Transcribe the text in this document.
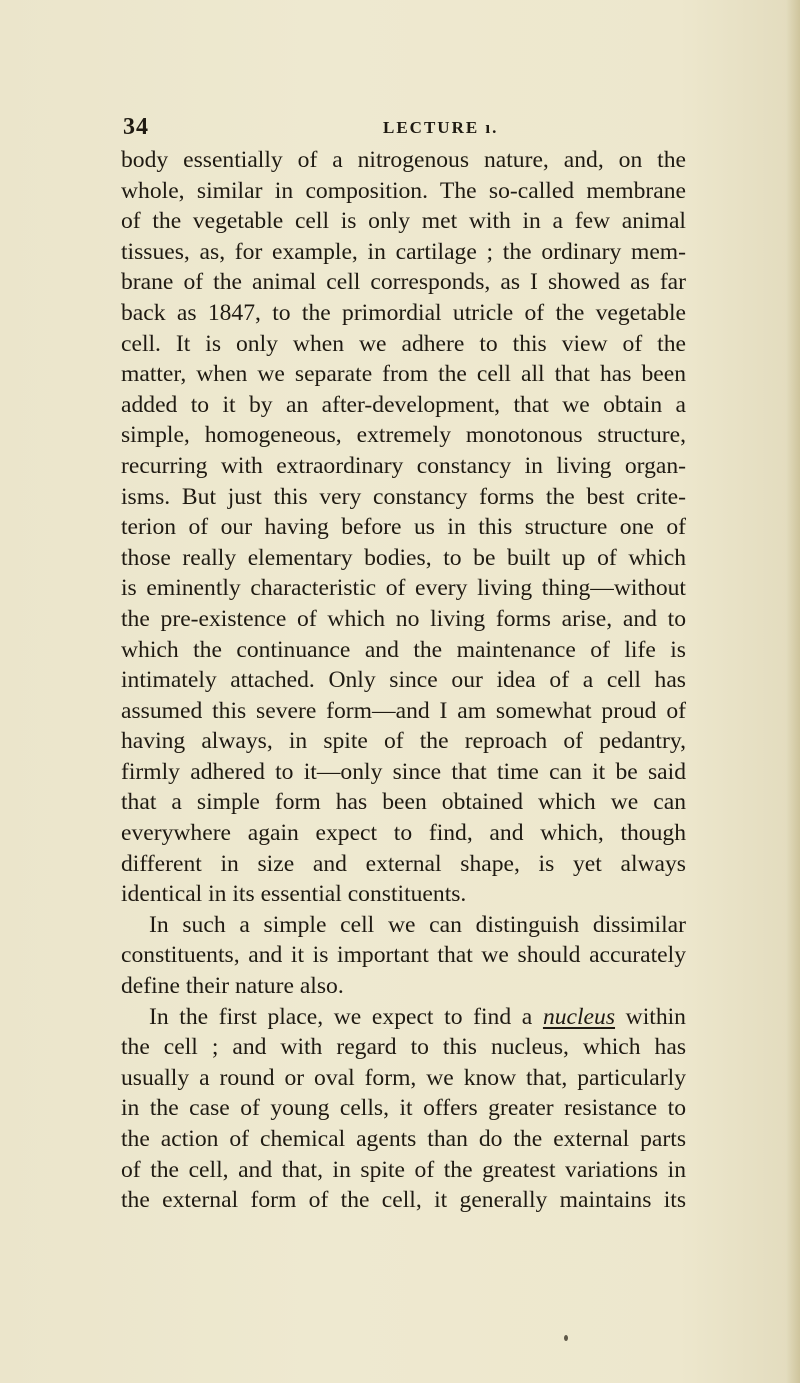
34	LECTURE ı.
body essentially of a nitrogenous nature, and, on the
whole, similar in composition. The so-called membrane
of the vegetable cell is only met with in a few animal
tissues, as, for example, in cartilage ; the ordinary mem-
brane of the animal cell corresponds, as I showed as far
back as 1847, to the primordial utricle of the vegetable
cell. It is only when we adhere to this view of the
matter, when we separate from the cell all that has been
added to it by an after-development, that we obtain a
simple, homogeneous, extremely monotonous structure,
recurring with extraordinary constancy in living organ-
isms. But just this very constancy forms the best crite-
terion of our having before us in this structure one of
those really elementary bodies, to be built up of which
is eminently characteristic of every living thing—without
the pre-existence of which no living forms arise, and to
which the continuance and the maintenance of life is
intimately attached. Only since our idea of a cell has
assumed this severe form—and I am somewhat proud of
having always, in spite of the reproach of pedantry,
firmly adhered to it—only since that time can it be said
that a simple form has been obtained which we can
everywhere again expect to find, and which, though
different in size and external shape, is yet always
identical in its essential constituents.
In such a simple cell we can distinguish dissimilar
constituents, and it is important that we should accurately
define their nature also.
In the first place, we expect to find a nucleus within
the cell ; and with regard to this nucleus, which has
usually a round or oval form, we know that, particularly
in the case of young cells, it offers greater resistance to
the action of chemical agents than do the external parts
of the cell, and that, in spite of the greatest variations in
the external form of the cell, it generally maintains its
